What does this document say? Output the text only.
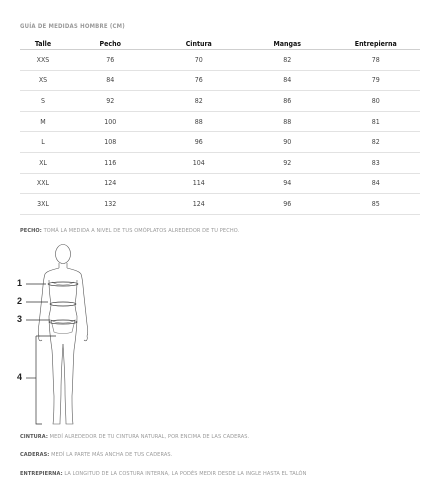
GUÍA DE MEDIDAS HOMBRE (CM)
Talle	Pecho	Cintura	Mangas	Entrepierna
XXS	76	70	82	78
XS	84	76	84	79
S	92	82	86	80
M	100	88	88	81
L	108	96	90	82
XL	116	104	92	83
XXL	124	114	94	84
3XL	132	124	96	85
PECHO: TOMÁ LA MEDIDA A NIVEL DE TUS OMÓPLATOS ALREDEDOR DE TU PECHO.
1
2
3
4
CINTURA: MEDÍ ALREDEDOR DE TU CINTURA NATURAL, POR ENCIMA DE LAS CADERAS.
CADERAS: MEDÍ LA PARTE MÁS ANCHA DE TUS CADERAS.
ENTREPIERNA: LA LONGITUD DE LA COSTURA INTERNA, LA PODÉS MEDIR DESDE LA INGLE HASTA EL TALÓN
